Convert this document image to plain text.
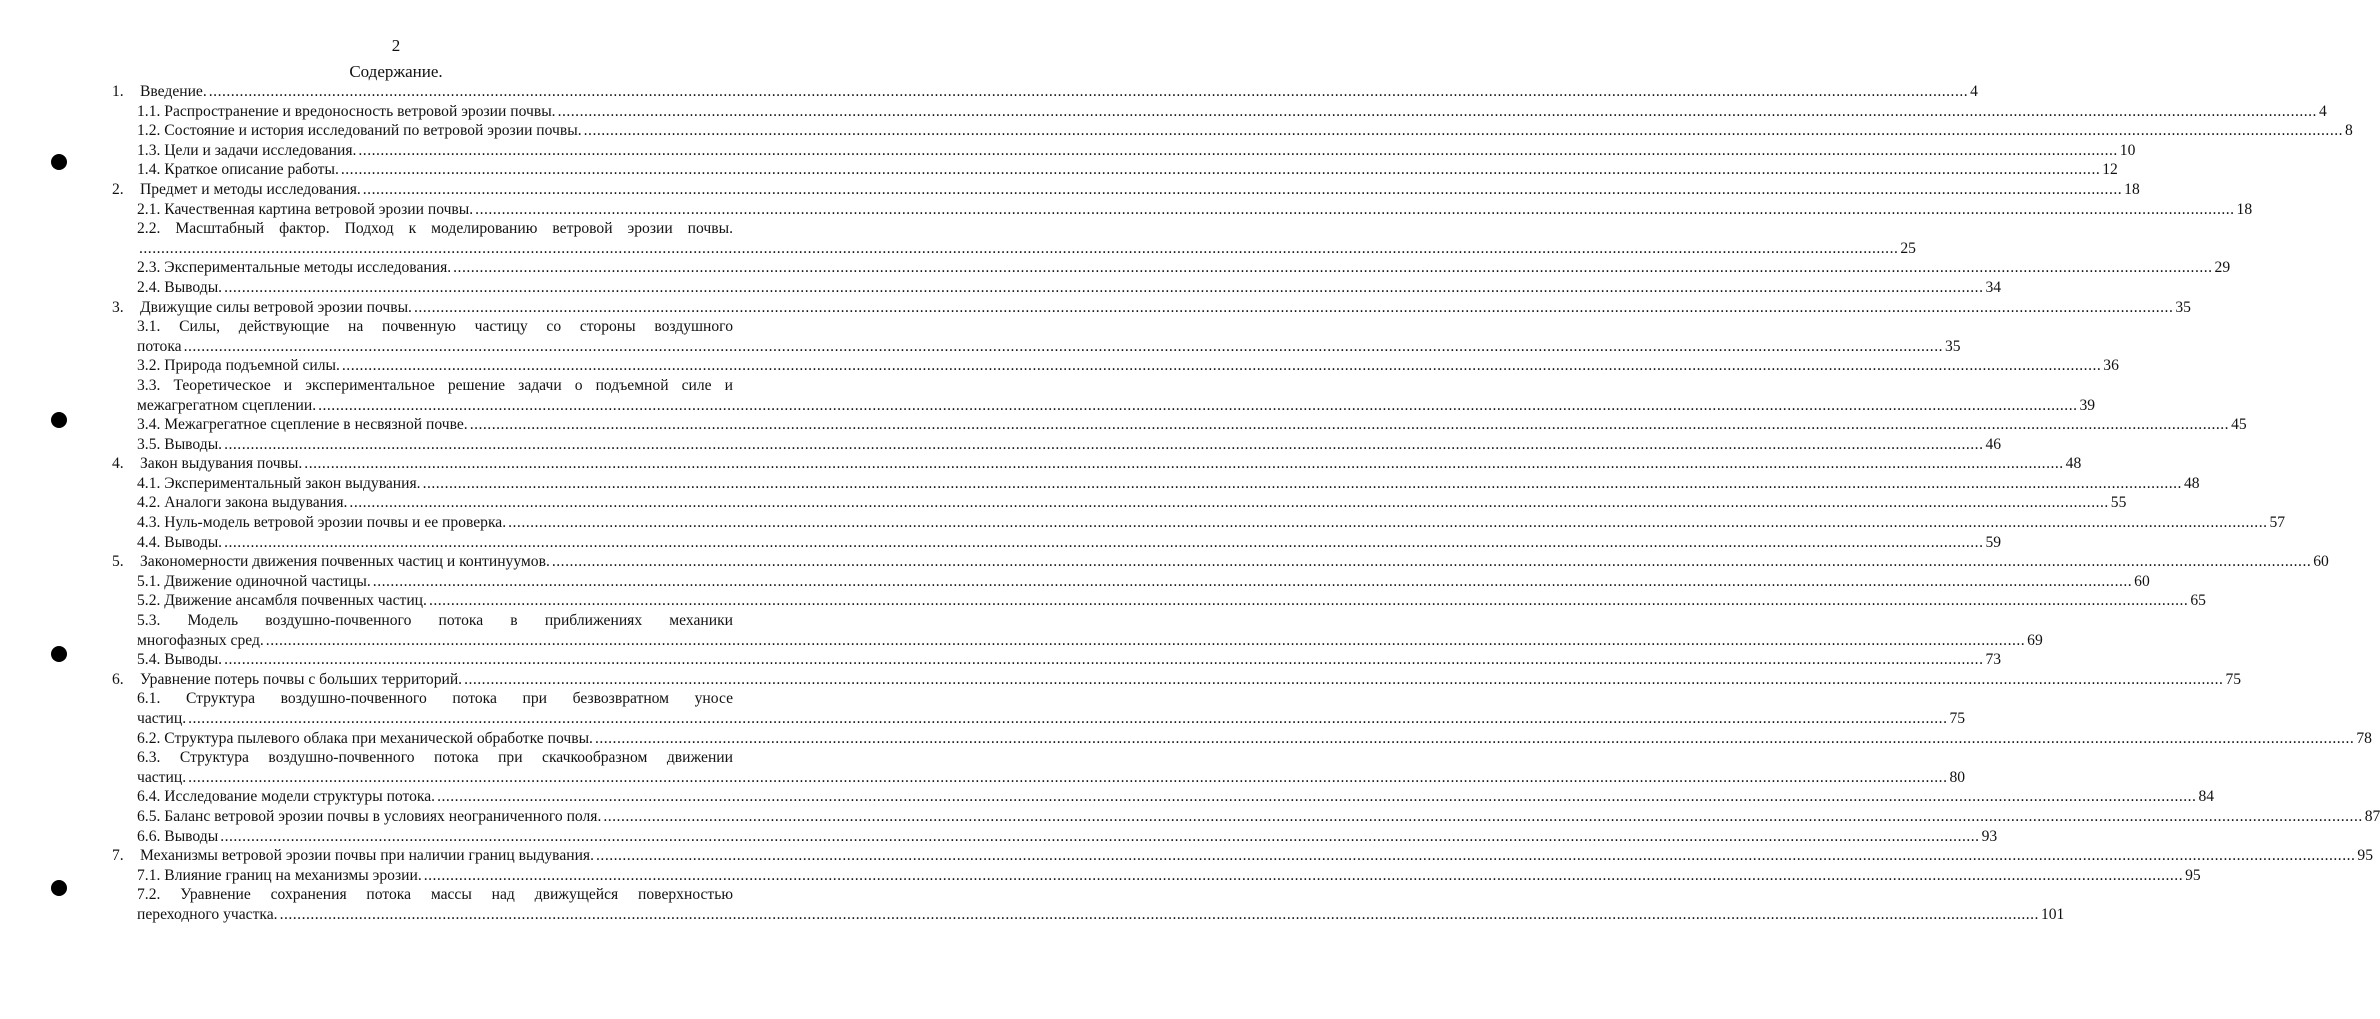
2
Содержание.
1.	Введение. ................................................................................................................................................................................................................................................................................................................................................................................................................ 4
1.1. Распространение и вредоносность ветровой эрозии почвы. ................................................................................................................................................................................................................................................................................................................................................................................................................ 4
1.2. Состояние и история исследований по ветровой эрозии почвы. ................................................................................................................................................................................................................................................................................................................................................................................................................ 8
1.3. Цели и задачи исследования. ................................................................................................................................................................................................................................................................................................................................................................................................................ 10
1.4. Краткое описание работы. ................................................................................................................................................................................................................................................................................................................................................................................................................ 12
2.	Предмет и методы исследования. ................................................................................................................................................................................................................................................................................................................................................................................................................ 18
2.1. Качественная картина ветровой эрозии почвы. ................................................................................................................................................................................................................................................................................................................................................................................................................ 18
2.2. Масштабный фактор. Подход к моделированию ветровой эрозии почвы.
................................................................................................................................................................................................................................................................................................................................................................................................................ 25
2.3. Экспериментальные методы исследования. ................................................................................................................................................................................................................................................................................................................................................................................................................ 29
2.4. Выводы. ................................................................................................................................................................................................................................................................................................................................................................................................................ 34
3.	Движущие силы ветровой эрозии почвы. ................................................................................................................................................................................................................................................................................................................................................................................................................ 35
3.1. Силы, действующие на почвенную частицу со стороны воздушного
потока ................................................................................................................................................................................................................................................................................................................................................................................................................ 35
3.2. Природа подъемной силы. ................................................................................................................................................................................................................................................................................................................................................................................................................ 36
3.3. Теоретическое и экспериментальное решение задачи о подъемной силе и
межагрегатном сцеплении. ................................................................................................................................................................................................................................................................................................................................................................................................................ 39
3.4. Межагрегатное сцепление в несвязной почве. ................................................................................................................................................................................................................................................................................................................................................................................................................ 45
3.5. Выводы. ................................................................................................................................................................................................................................................................................................................................................................................................................ 46
4.	Закон выдувания почвы. ................................................................................................................................................................................................................................................................................................................................................................................................................ 48
4.1. Экспериментальный закон выдувания. ................................................................................................................................................................................................................................................................................................................................................................................................................ 48
4.2. Аналоги закона выдувания. ................................................................................................................................................................................................................................................................................................................................................................................................................ 55
4.3. Нуль-модель ветровой эрозии почвы и ее проверка. ................................................................................................................................................................................................................................................................................................................................................................................................................ 57
4.4. Выводы. ................................................................................................................................................................................................................................................................................................................................................................................................................ 59
5.	Закономерности движения почвенных частиц и континуумов. ................................................................................................................................................................................................................................................................................................................................................................................................................ 60
5.1. Движение одиночной частицы. ................................................................................................................................................................................................................................................................................................................................................................................................................ 60
5.2. Движение ансамбля почвенных частиц. ................................................................................................................................................................................................................................................................................................................................................................................................................ 65
5.3. Модель воздушно-почвенного потока в приближениях механики
многофазных сред. ................................................................................................................................................................................................................................................................................................................................................................................................................ 69
5.4. Выводы. ................................................................................................................................................................................................................................................................................................................................................................................................................ 73
6.	Уравнение потерь почвы с больших территорий. ................................................................................................................................................................................................................................................................................................................................................................................................................ 75
6.1. Структура воздушно-почвенного потока при безвозвратном уносе
частиц. ................................................................................................................................................................................................................................................................................................................................................................................................................ 75
6.2. Структура пылевого облака при механической обработке почвы. ................................................................................................................................................................................................................................................................................................................................................................................................................ 78
6.3. Структура воздушно-почвенного потока при скачкообразном движении
частиц. ................................................................................................................................................................................................................................................................................................................................................................................................................ 80
6.4. Исследование модели структуры потока. ................................................................................................................................................................................................................................................................................................................................................................................................................ 84
6.5. Баланс ветровой эрозии почвы в условиях неограниченного поля. ................................................................................................................................................................................................................................................................................................................................................................................................................ 87
6.6. Выводы ................................................................................................................................................................................................................................................................................................................................................................................................................ 93
7.	Механизмы ветровой эрозии почвы при наличии границ выдувания. ................................................................................................................................................................................................................................................................................................................................................................................................................ 95
7.1. Влияние границ на механизмы эрозии. ................................................................................................................................................................................................................................................................................................................................................................................................................ 95
7.2. Уравнение сохранения потока массы над движущейся поверхностью
переходного участка. ................................................................................................................................................................................................................................................................................................................................................................................................................ 101
